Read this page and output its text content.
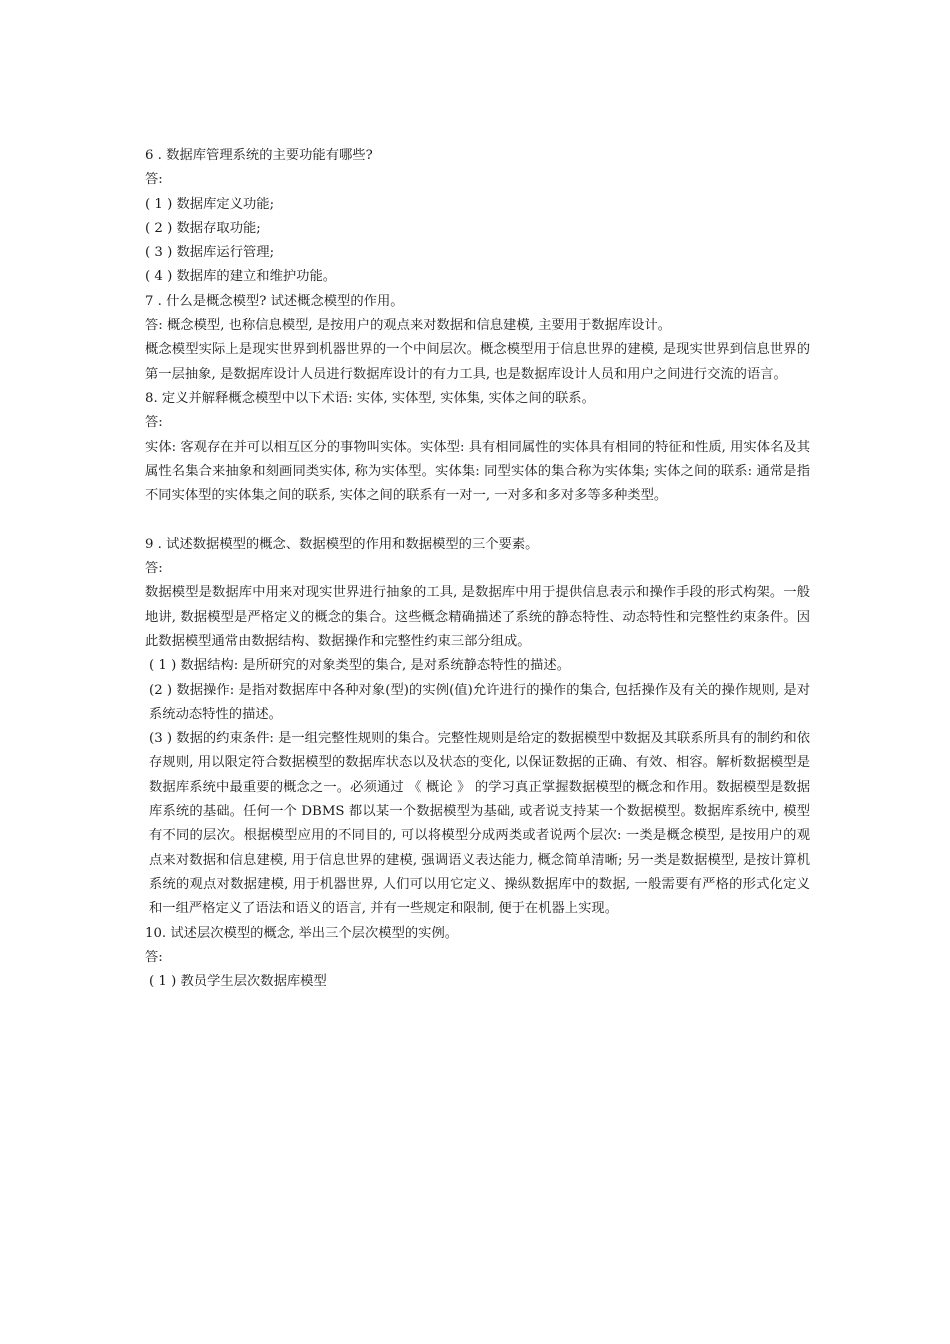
6 . 数据库管理系统的主要功能有哪些?
答:
( 1 ) 数据库定义功能;
( 2 ) 数据存取功能;
( 3 ) 数据库运行管理;
( 4 ) 数据库的建立和维护功能。
7 . 什么是概念模型? 试述概念模型的作用。
答: 概念模型, 也称信息模型, 是按用户的观点来对数据和信息建模, 主要用于数据库设计。
概念模型实际上是现实世界到机器世界的一个中间层次。概念模型用于信息世界的建模, 是现实世界到信息世界的第一层抽象, 是数据库设计人员进行数据库设计的有力工具, 也是数据库设计人员和用户之间进行交流的语言。
8. 定义并解释概念模型中以下术语: 实体, 实体型, 实体集, 实体之间的联系。
答:
实体: 客观存在并可以相互区分的事物叫实体。实体型: 具有相同属性的实体具有相同的特征和性质, 用实体名及其属性名集合来抽象和刻画同类实体, 称为实体型。实体集: 同型实体的集合称为实体集; 实体之间的联系: 通常是指不同实体型的实体集之间的联系, 实体之间的联系有一对一, 一对多和多对多等多种类型。
9 . 试述数据模型的概念、数据模型的作用和数据模型的三个要素。
答:
数据模型是数据库中用来对现实世界进行抽象的工具, 是数据库中用于提供信息表示和操作手段的形式构架。一般地讲, 数据模型是严格定义的概念的集合。这些概念精确描述了系统的静态特性、动态特性和完整性约束条件。因此数据模型通常由数据结构、数据操作和完整性约束三部分组成。
( 1 ) 数据结构: 是所研究的对象类型的集合, 是对系统静态特性的描述。
(2 ) 数据操作: 是指对数据库中各种对象(型)的实例(值)允许进行的操作的集合, 包括操作及有关的操作规则, 是对系统动态特性的描述。
(3 ) 数据的约束条件: 是一组完整性规则的集合。完整性规则是给定的数据模型中数据及其联系所具有的制约和依存规则, 用以限定符合数据模型的数据库状态以及状态的变化, 以保证数据的正确、有效、相容。解析数据模型是数据库系统中最重要的概念之一。必须通过 《 概论 》 的学习真正掌握数据模型的概念和作用。数据模型是数据库系统的基础。任何一个 DBMS 都以某一个数据模型为基础, 或者说支持某一个数据模型。数据库系统中, 模型有不同的层次。根据模型应用的不同目的, 可以将模型分成两类或者说两个层次: 一类是概念模型, 是按用户的观点来对数据和信息建模, 用于信息世界的建模, 强调语义表达能力, 概念简单清晰; 另一类是数据模型, 是按计算机系统的观点对数据建模, 用于机器世界, 人们可以用它定义、操纵数据库中的数据, 一般需要有严格的形式化定义和一组严格定义了语法和语义的语言, 并有一些规定和限制, 便于在机器上实现。
10. 试述层次模型的概念, 举出三个层次模型的实例。
答:
( 1 ) 教员学生层次数据库模型
